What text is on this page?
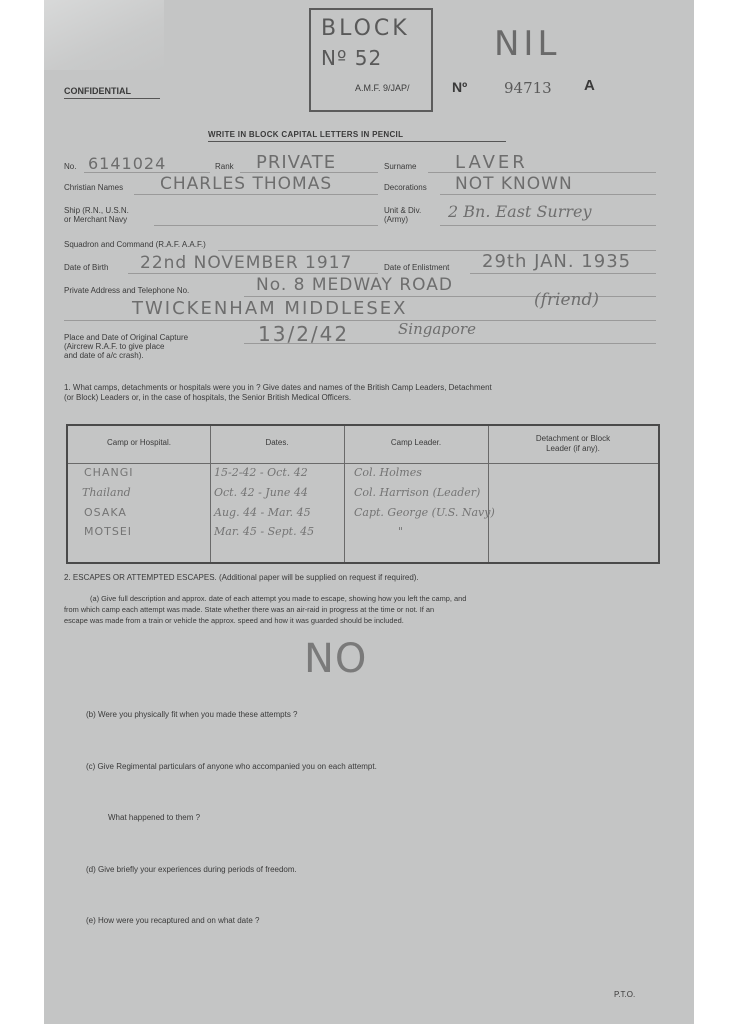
BLOCK
Nº 52
A.M.F. 9/JAP/	Nº 94713 A
NIL
CONFIDENTIAL
WRITE IN BLOCK CAPITAL LETTERS IN PENCIL
No. 6141024	Rank PRIVATE	Surname LAVER
Christian Names CHARLES THOMAS	Decorations NOT KNOWN
Ship (R.N., U.S.N.
or Merchant Navy
Unit & Div.
(Army)	2 Bn. East Surrey
Squadron and Command (R.A.F. A.A.F.)
Date of Birth 22nd NOVEMBER 1917	Date of Enlistment 29th JAN. 1935
Private Address and Telephone No.	No. 8 MEDWAY ROAD
TWICKENHAM MIDDLESEX	(friend)
Place and Date of Original Capture
(Aircrew R.A.F. to give place
and date of a/c crash).
13/2/42	Singapore
1. What camps, detachments or hospitals were you in ? Give dates and names of the British Camp Leaders, Detachment
(or Block) Leaders or, in the case of hospitals, the Senior British Medical Officers.
Camp or Hospital.	Dates.	Camp Leader.	Detachment or Block
Leader (if any).
CHANGI	15-2-42 - Oct. 42	Col. Holmes
Thailand	Oct. 42 - June 44	Col. Harrison (Leader)
OSAKA	Aug. 44 - Mar. 45	Capt. George (U.S. Navy)
MOTSEI	Mar. 45 - Sept. 45	"
2. ESCAPES OR ATTEMPTED ESCAPES. (Additional paper will be supplied on request if required).
(a) Give full description and approx. date of each attempt you made to escape, showing how you left the camp, and
from which camp each attempt was made. State whether there was an air-raid in progress at the time or not. If an
escape was made from a train or vehicle the approx. speed and how it was guarded should be included.
NO
(b) Were you physically fit when you made these attempts ?
(c) Give Regimental particulars of anyone who accompanied you on each attempt.
What happened to them ?
(d) Give briefly your experiences during periods of freedom.
(e) How were you recaptured and on what date ?
P.T.O.
